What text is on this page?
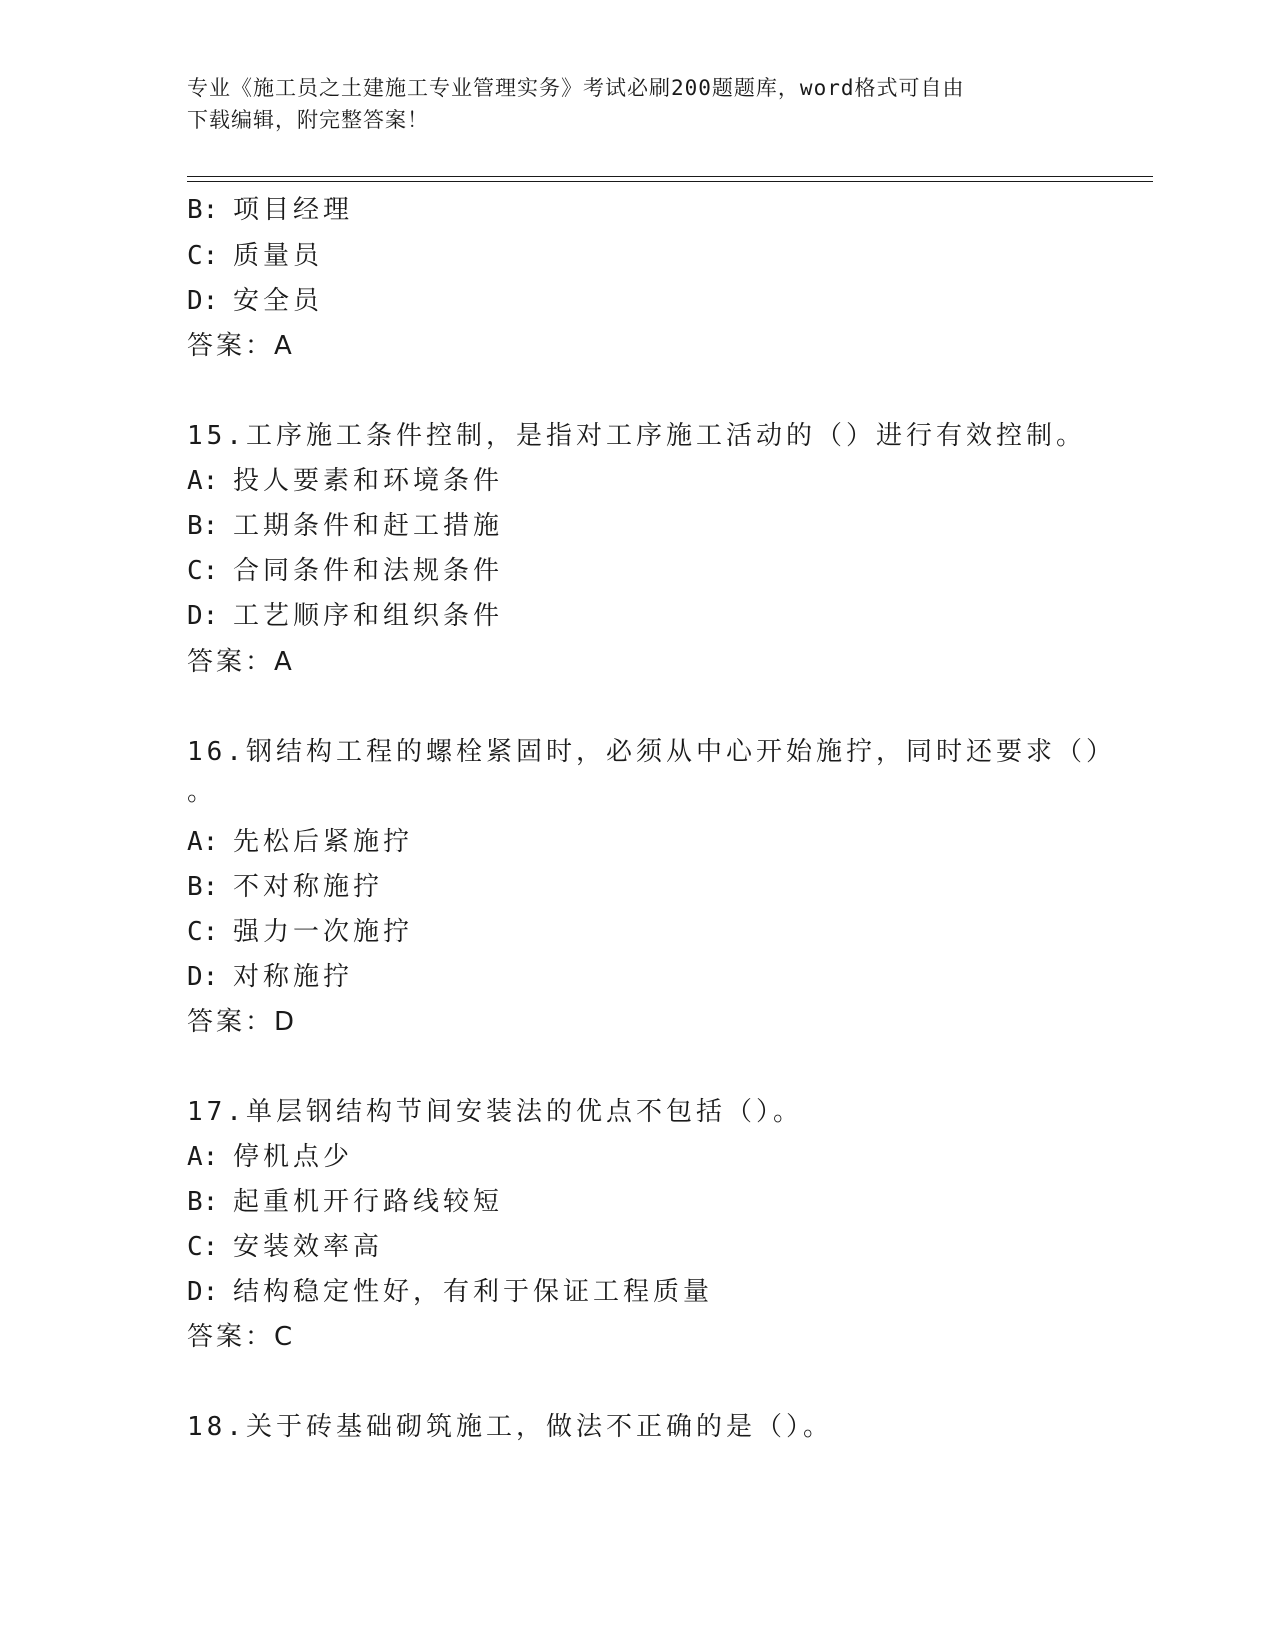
专业《施工员之土建施工专业管理实务》考试必刷200题题库，word格式可自由
下载编辑，附完整答案！
B: 项目经理
C: 质量员
D: 安全员
答案：A
15.工序施工条件控制，是指对工序施工活动的（）进行有效控制。
A: 投人要素和环境条件
B: 工期条件和赶工措施
C: 合同条件和法规条件
D: 工艺顺序和组织条件
答案：A
16.钢结构工程的螺栓紧固时，必须从中心开始施拧，同时还要求（）
。
A: 先松后紧施拧
B: 不对称施拧
C: 强力一次施拧
D: 对称施拧
答案：D
17.单层钢结构节间安装法的优点不包括（）。
A: 停机点少
B: 起重机开行路线较短
C: 安装效率高
D: 结构稳定性好，有利于保证工程质量
答案：C
18.关于砖基础砌筑施工，做法不正确的是（）。
